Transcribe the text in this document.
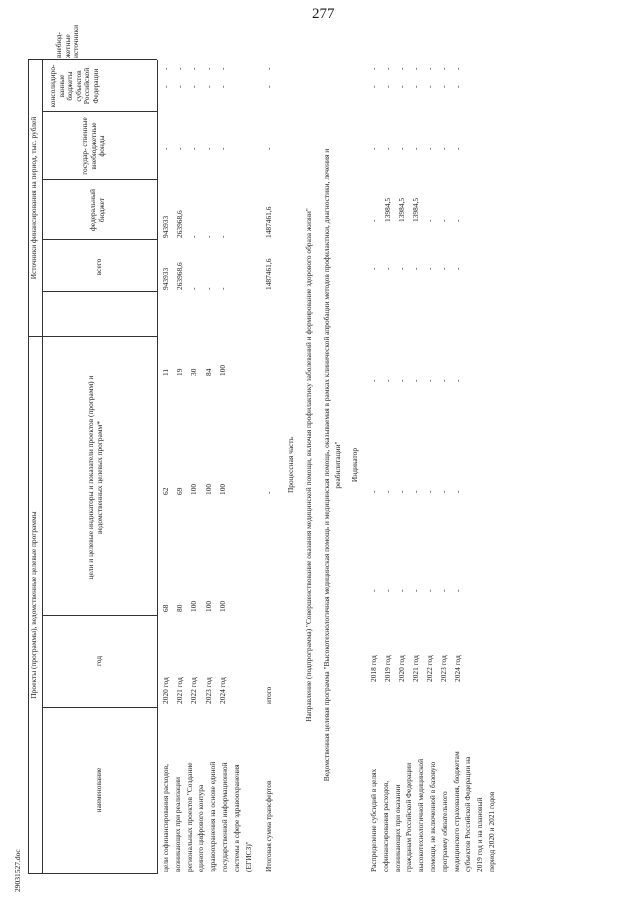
277
Проекты (программы), ведомственные целевые программы
Источники финансирования на период, тыс. рублей
наименование
год
цели и целевые индикаторы и показатели проектов (программ) и ведомственных целевых программ*
всего
федеральный бюджет
государ- ственные внебюджетные фонды
консолидиро- ванные бюджеты субъектов Российской Федерации
внебюд- жетные источники
цели софинансирования расходов, возникающих при реализации региональных проектов "Создание единого цифрового контура здравоохранения на основе единой государственной информационной системы в сфере здравоохранения (ЕГИСЗ)"
2020 год
68
62
11
943933
943933
-
-
-
2021 год
80
69
19
263968,6
263968,6
-
-
-
2022 год
100
100
30
-
-
-
-
-
2023 год
100
100
84
-
-
-
-
-
2024 год
100
100
100
-
-
-
-
-
Итоговая сумма трансфертов
итого
-
1487461,6
1487461,6
-
-
-
Процессная часть Направление (подпрограмма) "Совершенствование оказания медицинской помощи, включая профилактику заболеваний и формирование здорового образа жизни" Ведомственная целевая программа "Высокотехнологичная медицинская помощь и медицинская помощь, оказываемая в рамках клинической апробации методов профилактики, диагностики, лечения и реабилитации" Индикатор
Распределение субсидий в целях софинансирования расходов, возникающих при оказании гражданам Российской Федерации высокотехнологичной медицинской помощи, не включенной в базовую программу обязательного медицинского страхования, бюджетам субъектов Российской Федерации на 2019 год и на плановый период 2020 и 2021 годов
2018 год
-
-
-
-
-
-
-
-
2019 год
-
-
-
-
13984,5
-
-
-
2020 год
-
-
-
-
13984,5
-
-
-
2021 год
-
-
-
-
13984,5
-
-
-
2022 год
-
-
-
-
-
-
-
-
2023 год
-
-
-
-
-
-
-
-
2024 год
-
-
-
-
-
-
-
-
29031527.doc
